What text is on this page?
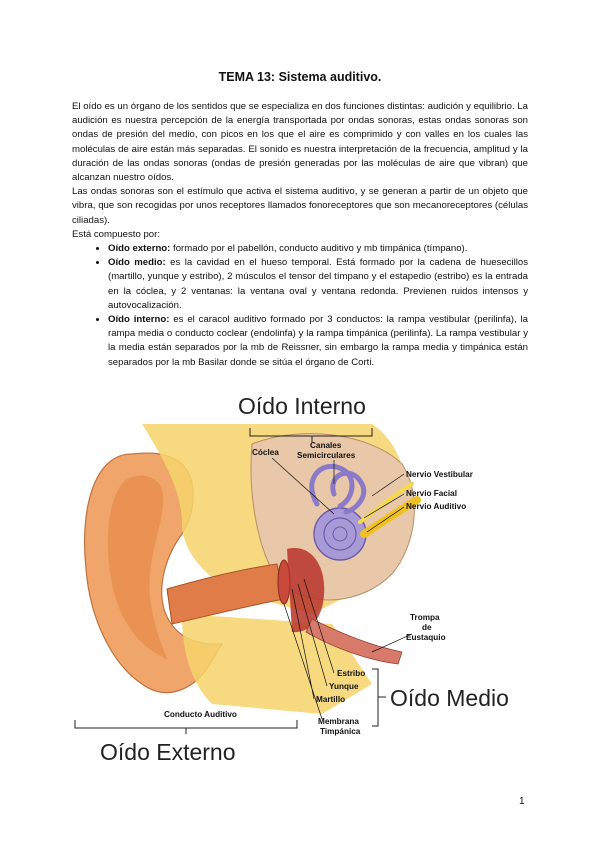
TEMA 13: Sistema auditivo.

El oído es un órgano de los sentidos que se especializa en dos funciones distintas: audición y equilibrio. La audición es nuestra percepción de la energía transportada por ondas sonoras, estas ondas sonoras son ondas de presión del medio, con picos en los que el aire es comprimido y con valles en los cuales las moléculas de aire están más separadas. El sonido es nuestra interpretación de la frecuencia, amplitud y la duración de las ondas sonoras (ondas de presión generadas por las moléculas de aire que vibran) que alcanzan nuestro oídos.

Las ondas sonoras son el estímulo que activa el sistema auditivo, y se generan a partir de un objeto que vibra, que son recogidas por unos receptores llamados fonoreceptores que son mecanoreceptores (células ciliadas).

Está compuesto por:

• Oído externo: formado por el pabellón, conducto auditivo y mb timpánica (tímpano).
• Oído medio: es la cavidad en el hueso temporal. Está formado por la cadena de huesecillos (martillo, yunque y estribo), 2 músculos el tensor del tímpano y el estapedio (estribo) es la entrada en la cóclea, y 2 ventanas: la ventana oval y ventana redonda. Previenen ruidos intensos y autovocalización.
• Oído interno: es el caracol auditivo formado por 3 conductos: la rampa vestibular (perilinfa), la rampa media o conducto coclear (endolinfa) y la rampa timpánica (perilinfa). La rampa vestibular y la media están separados por la mb de Reissner, sin embargo la rampa media y timpánica están separados por la mb Basilar donde se sitúa el órgano de Corti.
Oído Interno
Cóclea
Canales
Semicirculares
Nervio Vestibular
Nervio Facial
Nervio Auditivo
Trompa
de
Eustaquio
Estribo
Yunque
Martillo Oído Medio
Conducto Auditivo
Membrana
Timpánica
Oído Externo
1
